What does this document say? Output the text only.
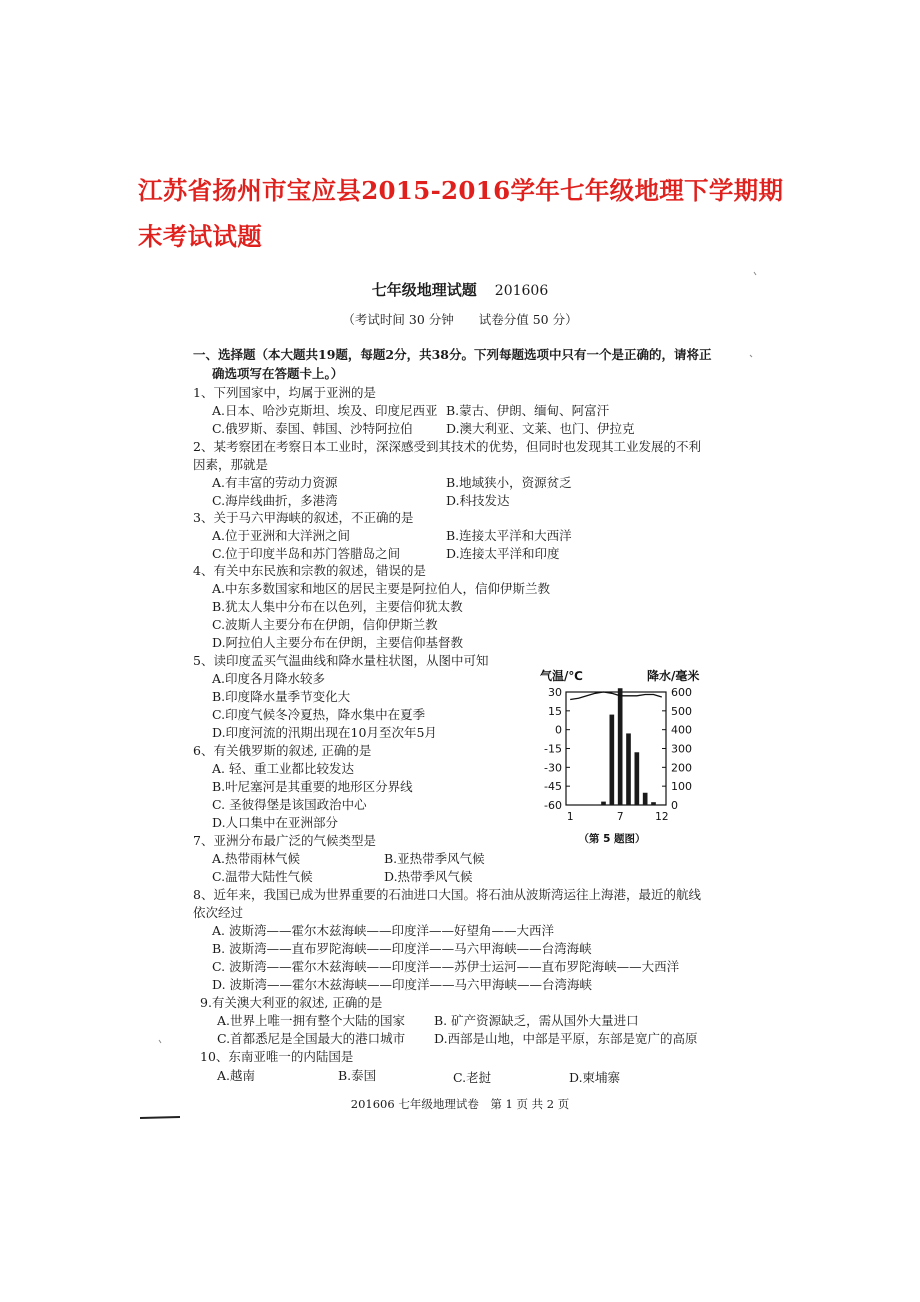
江苏省扬州市宝应县2015-2016学年七年级地理下学期期末考试试题
七年级地理试题 201606
（考试时间 30 分钟　　试卷分值 50 分）
一、选择题（本大题共19题，每题2分，共38分。下列每题选项中只有一个是正确的，请将正
确选项写在答题卡上。）
1、下列国家中，均属于亚洲的是
A.日本、哈沙克斯坦、埃及、印度尼西亚 B.蒙古、伊朗、缅甸、阿富汗
C.俄罗斯、泰国、韩国、沙特阿拉伯	D.澳大利亚、文莱、也门、伊拉克
2、某考察团在考察日本工业时，深深感受到其技术的优势，但同时也发现其工业发展的不利
因素，那就是
A.有丰富的劳动力资源	B.地域狭小，资源贫乏
C.海岸线曲折，多港湾	D.科技发达
3、关于马六甲海峡的叙述，不正确的是
A.位于亚洲和大洋洲之间	B.连接太平洋和大西洋
C.位于印度半岛和苏门答腊岛之间	D.连接太平洋和印度
4、有关中东民族和宗教的叙述，错误的是
A.中东多数国家和地区的居民主要是阿拉伯人，信仰伊斯兰教
B.犹太人集中分布在以色列，主要信仰犹太教
C.波斯人主要分布在伊朗，信仰伊斯兰教
D.阿拉伯人主要分布在伊朗，主要信仰基督教
5、读印度孟买气温曲线和降水量柱状图，从图中可知
A.印度各月降水较多
B.印度降水量季节变化大
C.印度气候冬冷夏热，降水集中在夏季
D.印度河流的汛期出现在10月至次年5月
6、有关俄罗斯的叙述, 正确的是
A. 轻、重工业都比较发达
B.叶尼塞河是其重要的地形区分界线
C. 圣彼得堡是该国政治中心
D.人口集中在亚洲部分
7、亚洲分布最广泛的气候类型是
A.热带雨林气候	B.亚热带季风气候
C.温带大陆性气候	D.热带季风气候
8、近年来，我国已成为世界重要的石油进口大国。将石油从波斯湾运往上海港，最近的航线
依次经过
A. 波斯湾——霍尔木兹海峡——印度洋——好望角——大西洋
B. 波斯湾——直布罗陀海峡——印度洋——马六甲海峡——台湾海峡
C. 波斯湾——霍尔木兹海峡——印度洋——苏伊士运河——直布罗陀海峡——大西洋
D. 波斯湾——霍尔木兹海峡——印度洋——马六甲海峡——台湾海峡
9.有关澳大利亚的叙述, 正确的是
A.世界上唯一拥有整个大陆的国家 B. 矿产资源缺乏，需从国外大量进口
C.首都悉尼是全国最大的港口城市 D.西部是山地，中部是平原，东部是宽广的高原
10、东南亚唯一的内陆国是
A.越南	B.泰国	C.老挝	D.柬埔寨
气温/℃	降水/毫米
30
15
0
-15
-30
-45
-60
600
500
400
300
200
100
0
1	7	12
（第 5 题图）
201606 七年级地理试卷　第 1 页 共 2 页
